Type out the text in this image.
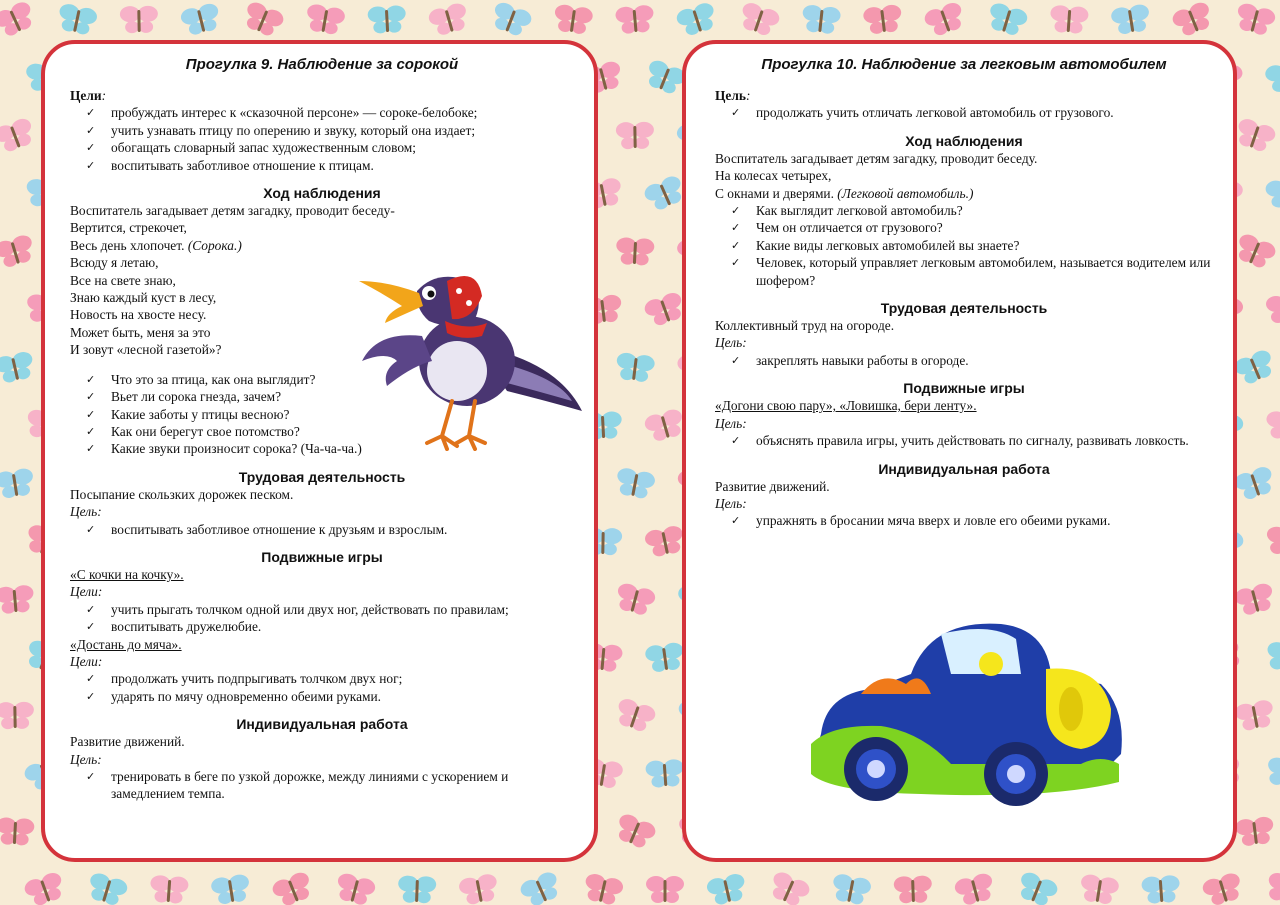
Прогулка 9. Наблюдение за сорокой
Цели:
✓	пробуждать интерес к «сказочной персоне» — сороке-белобоке;
✓	учить узнавать птицу по оперению и звуку, который она издает;
✓	обогащать словарный запас художественным словом;
✓	воспитывать заботливое отношение к птицам.
Ход наблюдения
Воспитатель загадывает детям загадку, проводит беседу-
Вертится, стрекочет,
Весь день хлопочет. (Сорока.)
Всюду я летаю,
Все на свете знаю,
Знаю каждый куст в лесу,
Новость на хвосте несу.
Может быть, меня за это
И зовут «лесной газетой»?
✓	Что это за птица, как она выглядит?
✓	Вьет ли сорока гнезда, зачем?
✓	Какие заботы у птицы весною?
✓	Как они берегут свое потомство?
✓	Какие звуки произносит сорока? (Ча-ча-ча.)
Трудовая деятельность
Посыпание скользких дорожек песком.
Цель:
✓	воспитывать заботливое отношение к друзьям и взрослым.
Подвижные игры
«С кочки на кочку».
Цели:
✓	учить прыгать толчком одной или двух ног, действовать по правилам;
✓	воспитывать дружелюбие.
«Достань до мяча».
Цели:
✓	продолжать учить подпрыгивать толчком двух ног;
✓	ударять по мячу одновременно обеими руками.
Индивидуальная работа
Развитие движений.
Цель:
✓	тренировать в беге по узкой дорожке, между линиями с ускорением и замедлением темпа.
Прогулка 10. Наблюдение за легковым автомобилем
Цель:
✓	продолжать учить отличать легковой автомобиль от грузового.
Ход наблюдения
Воспитатель загадывает детям загадку, проводит беседу.
На колесах четырех,
С окнами и дверями. (Легковой автомобиль.)
✓	Как выглядит легковой автомобиль?
✓	Чем он отличается от грузового?
✓	Какие виды легковых автомобилей вы знаете?
✓	Человек, который управляет легковым автомобилем, называется водителем или шофером?
Трудовая деятельность
Коллективный труд на огороде.
Цель:
✓	закреплять навыки работы в огороде.
Подвижные игры
«Догони свою пару», «Ловишка, бери ленту».
Цель:
✓	объяснять правила игры, учить действовать по сигналу, развивать ловкость.
Индивидуальная работа
Развитие движений.
Цель:
✓	упражнять в бросании мяча вверх и ловле его обеими руками.
